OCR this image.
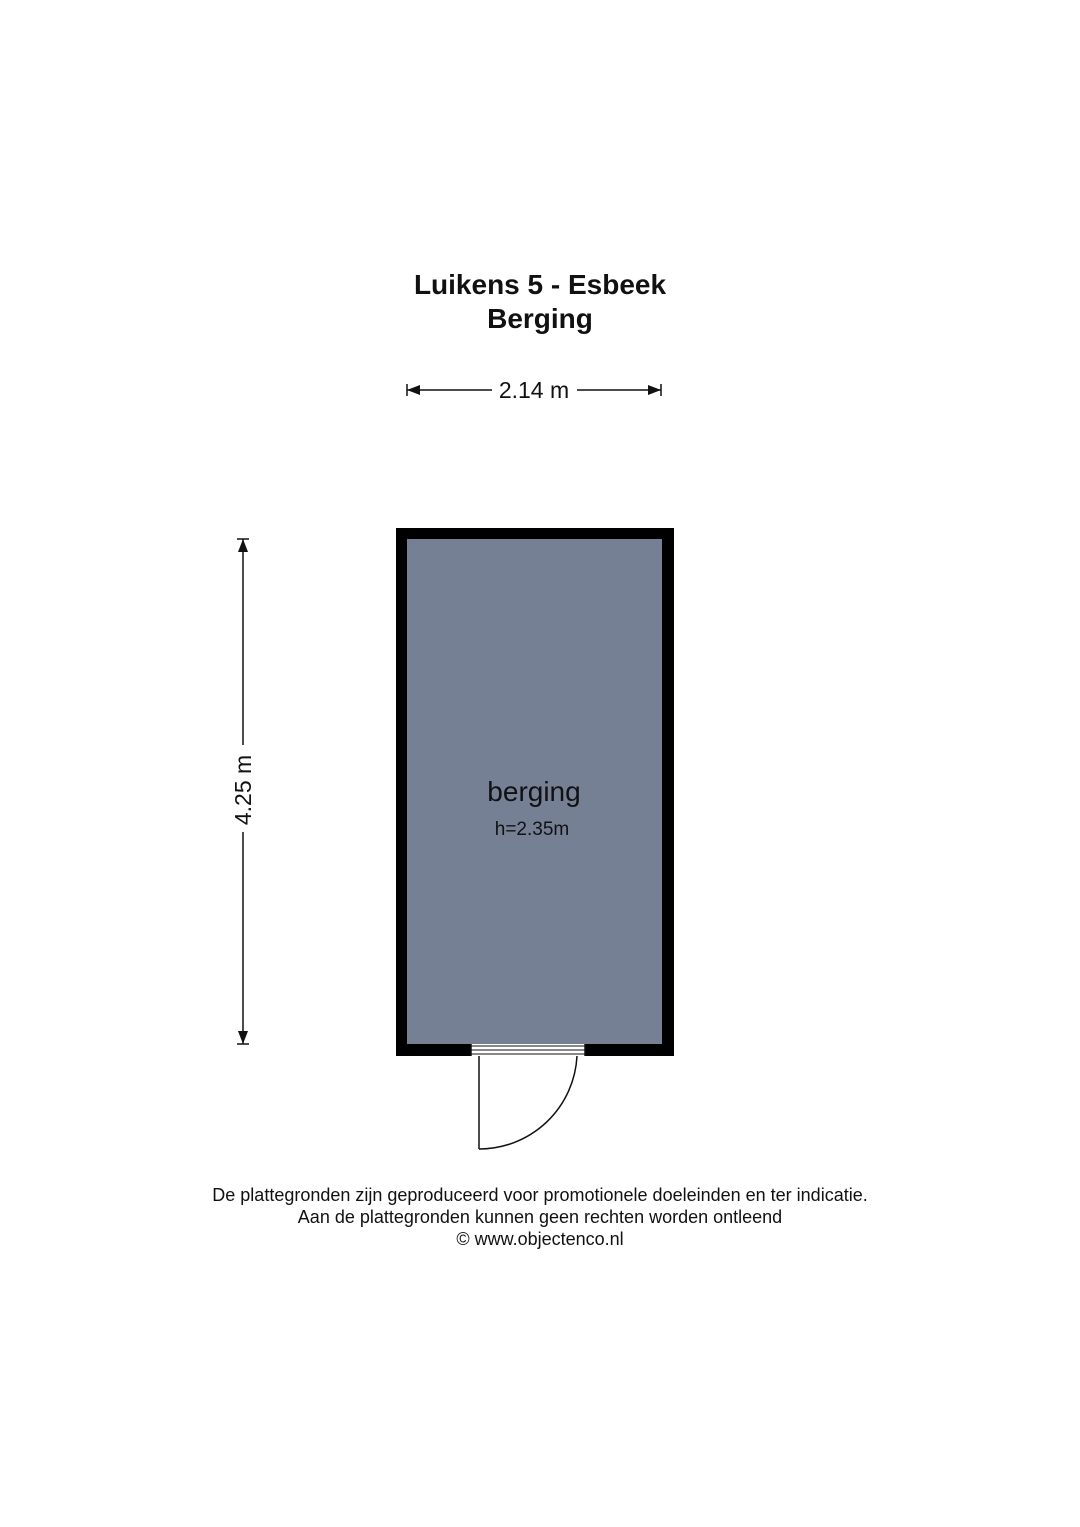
Luikens 5 - Esbeek
Berging
2.14 m
4.25 m	berging
h=2.35m
De plattegronden zijn geproduceerd voor promotionele doeleinden en ter indicatie.
Aan de plattegronden kunnen geen rechten worden ontleend
© www.objectenco.nl
